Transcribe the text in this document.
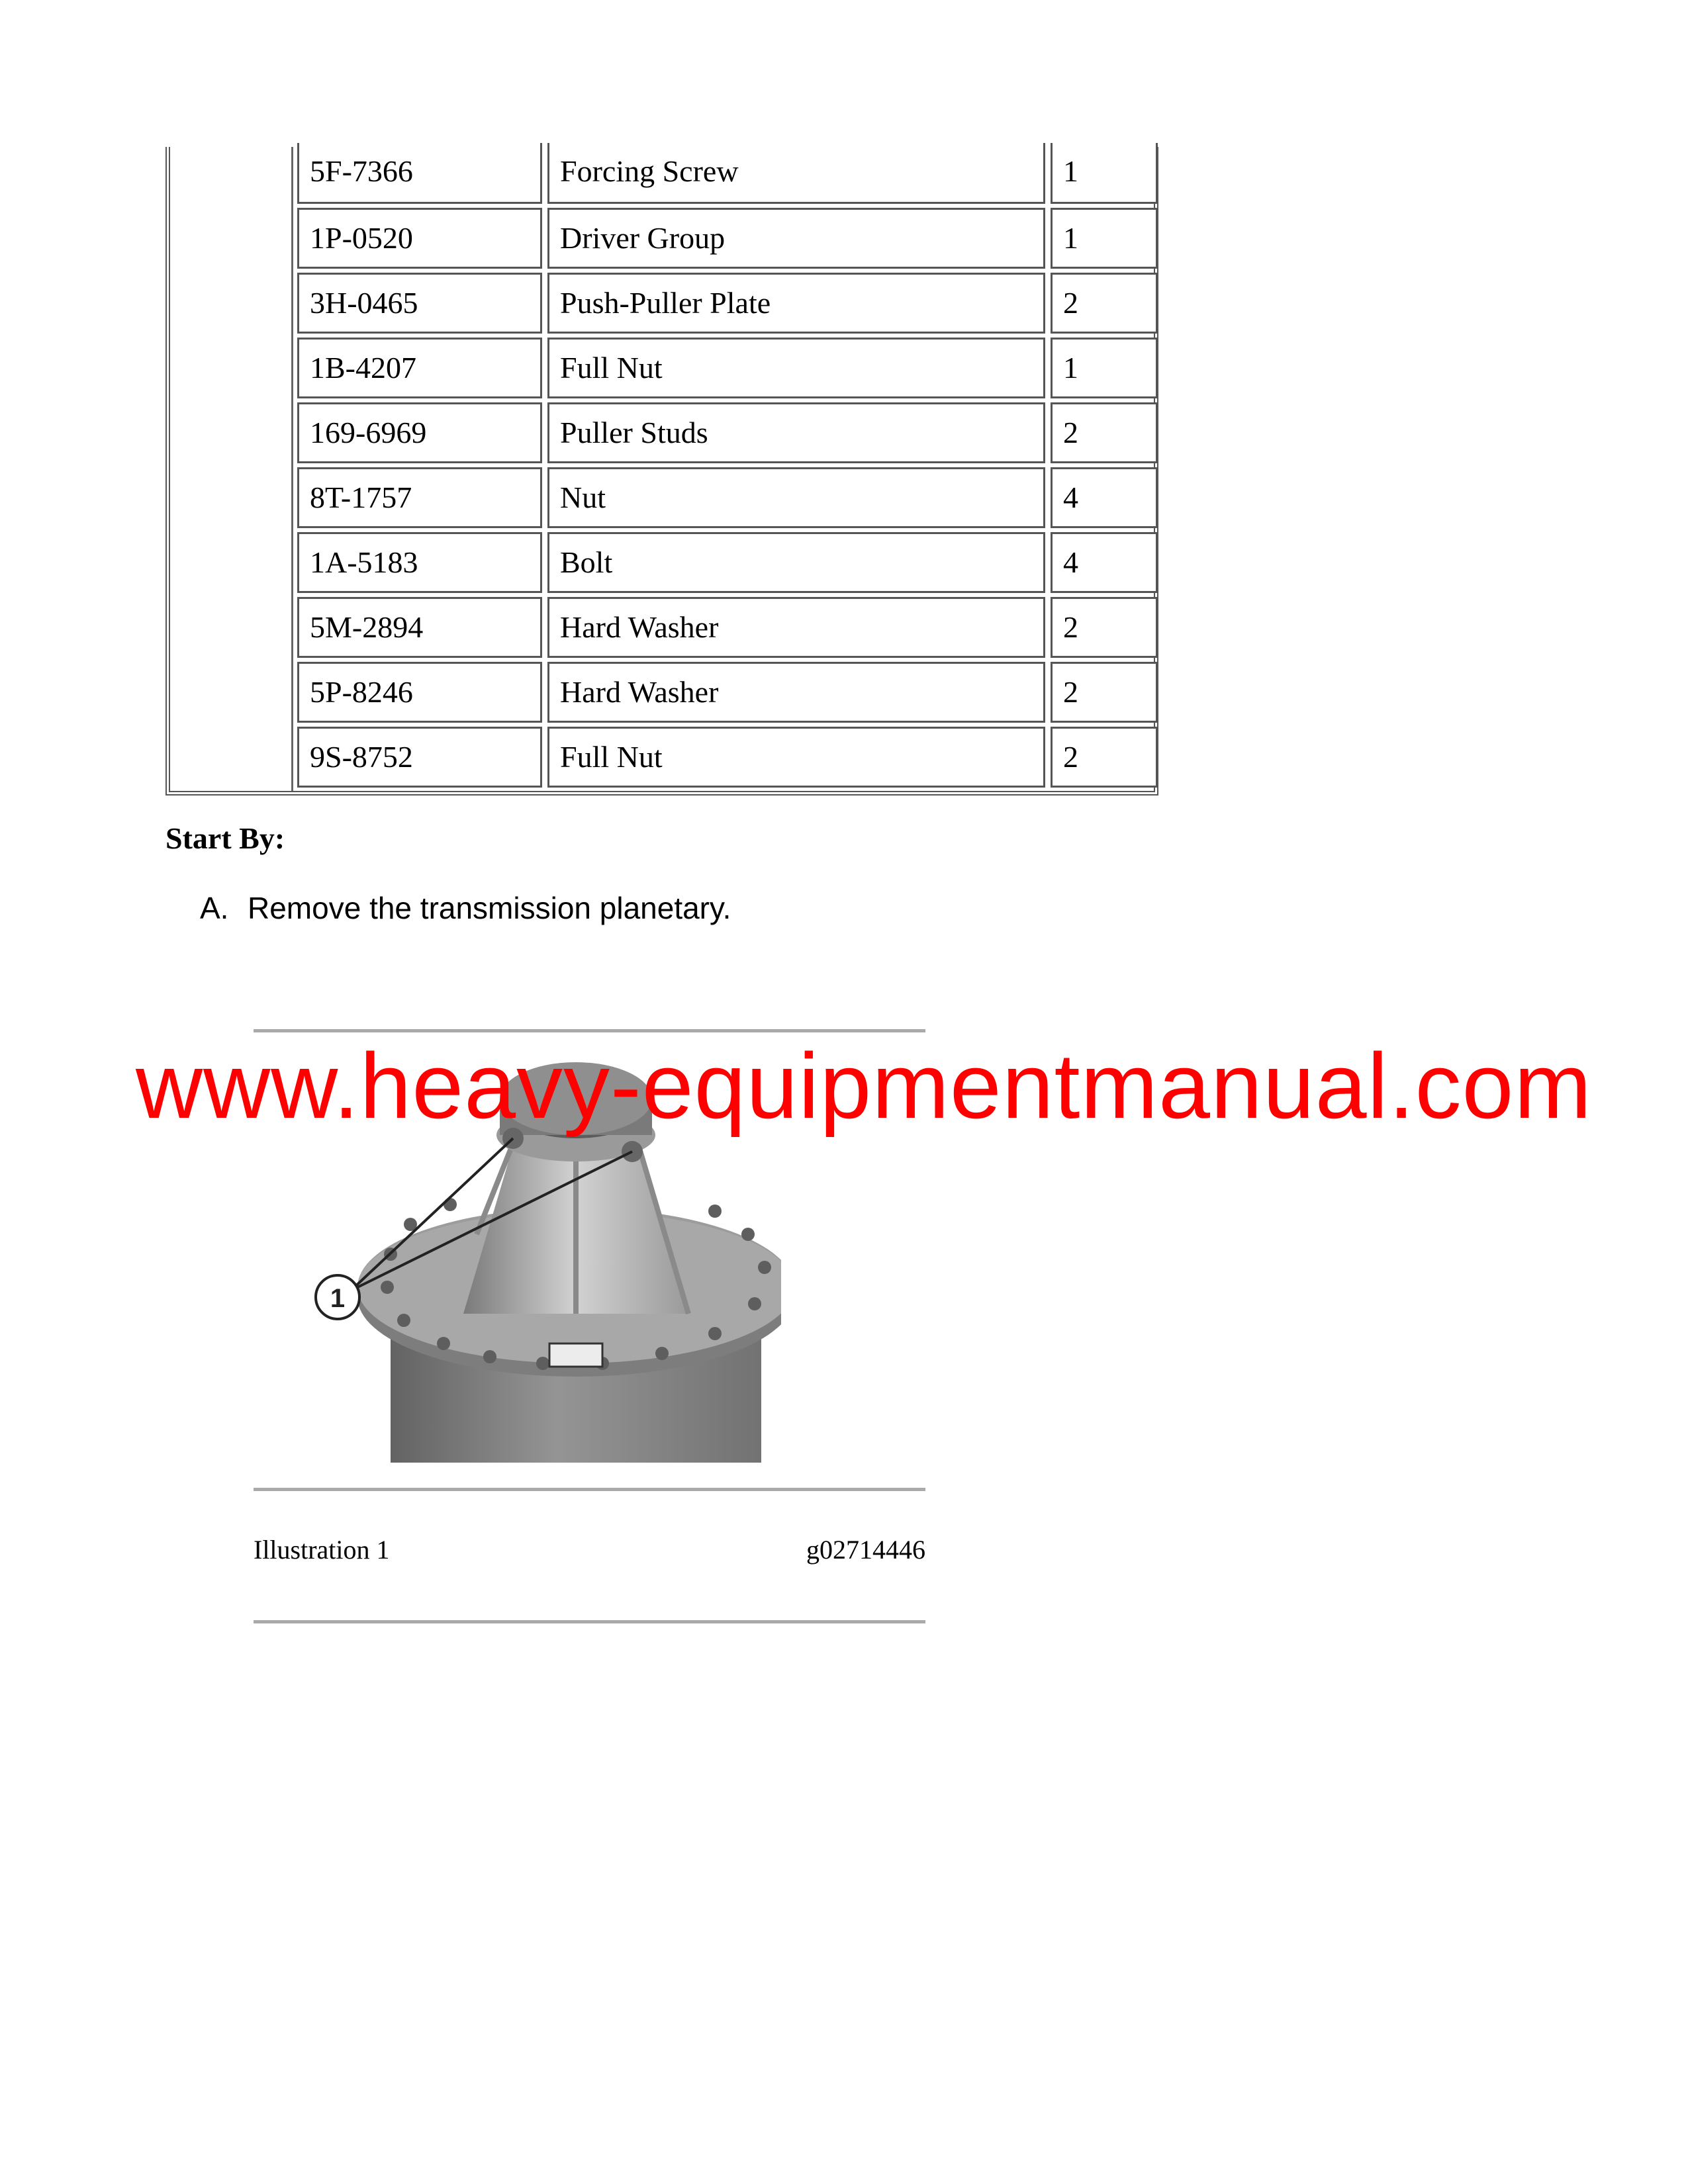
5F-7366	Forcing Screw	1
1P-0520	Driver Group	1
3H-0465	Push-Puller Plate	2
1B-4207	Full Nut	1
169-6969	Puller Studs	2
8T-1757	Nut	4
1A-5183	Bolt	4
5M-2894	Hard Washer	2
5P-8246	Hard Washer	2
9S-8752	Full Nut	2
Start By:
A. Remove the transmission planetary.
1
www.heavy-equipmentmanual.com
Illustration 1	g02714446
